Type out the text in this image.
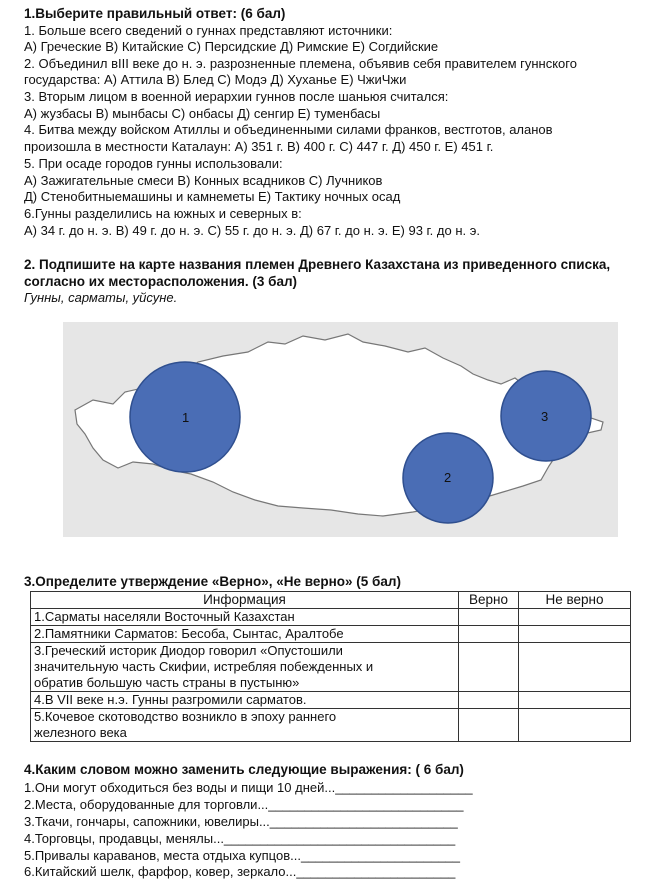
1.Выберите правильный ответ: (6 бал)
1. Больше всего сведений о гуннах представляют источники:
А) Греческие В) Китайские С) Персидские Д) Римские Е) Согдийские
2. Объединил вIII веке до н. э. разрозненные племена, объявив себя правителем гуннского
государства: А) Аттила В) Блед С) Модэ Д) Хуханье Е) ЧжиЧжи
3. Вторым лицом в военной иерархии гуннов после шаньюя считался:
А) жузбасы В) мынбасы С) онбасы Д) сенгир Е) туменбасы
4. Битва между войском Атиллы и объединенными силами франков, вестготов, аланов
произошла в местности Каталаун: А) 351 г. В) 400 г. С) 447 г. Д) 450 г. Е) 451 г.
5. При осаде городов гунны использовали:
А) Зажигательные смеси В) Конных всадников С) Лучников
Д) Стенобитныемашины и камнеметы Е) Тактику ночных осад
6.Гунны разделились на южных и северных в:
А) 34 г. до н. э. В) 49 г. до н. э. С) 55 г. до н. э. Д) 67 г. до н. э. Е) 93 г. до н. э.
2. Подпишите на карте названия племен Древнего Казахстана из приведенного списка,
согласно их месторасположения. (3 бал)
Гунны, сарматы, уйсуне.
1
2
3
3.Определите утверждение «Верно», «Не верно» (5 бал)
Информация	Верно	Не верно
1.Сарматы населяли Восточный Казахстан		
2.Памятники Сарматов: Бесоба, Сынтас, Аралтобе		
3.Греческий историк Диодор говорил «Опустошили
значительную часть Скифии, истребляя побежденных и
обратив большую часть страны в пустыню»		
4.В VII веке н.э. Гунны разгромили сарматов.		
5.Кочевое скотоводство возникло в эпоху раннего
железного века		
4.Каким словом можно заменить следующие выражения: ( 6 бал)
1.Они могут обходиться без воды и пищи 10 дней...___________________
2.Места, оборудованные для торговли...___________________________
3.Ткачи, гончары, сапожники, ювелиры...__________________________
4.Торговцы, продавцы, менялы...________________________________
5.Привалы караванов, места отдыха купцов...______________________
6.Китайский шелк, фарфор, ковер, зеркало...______________________
